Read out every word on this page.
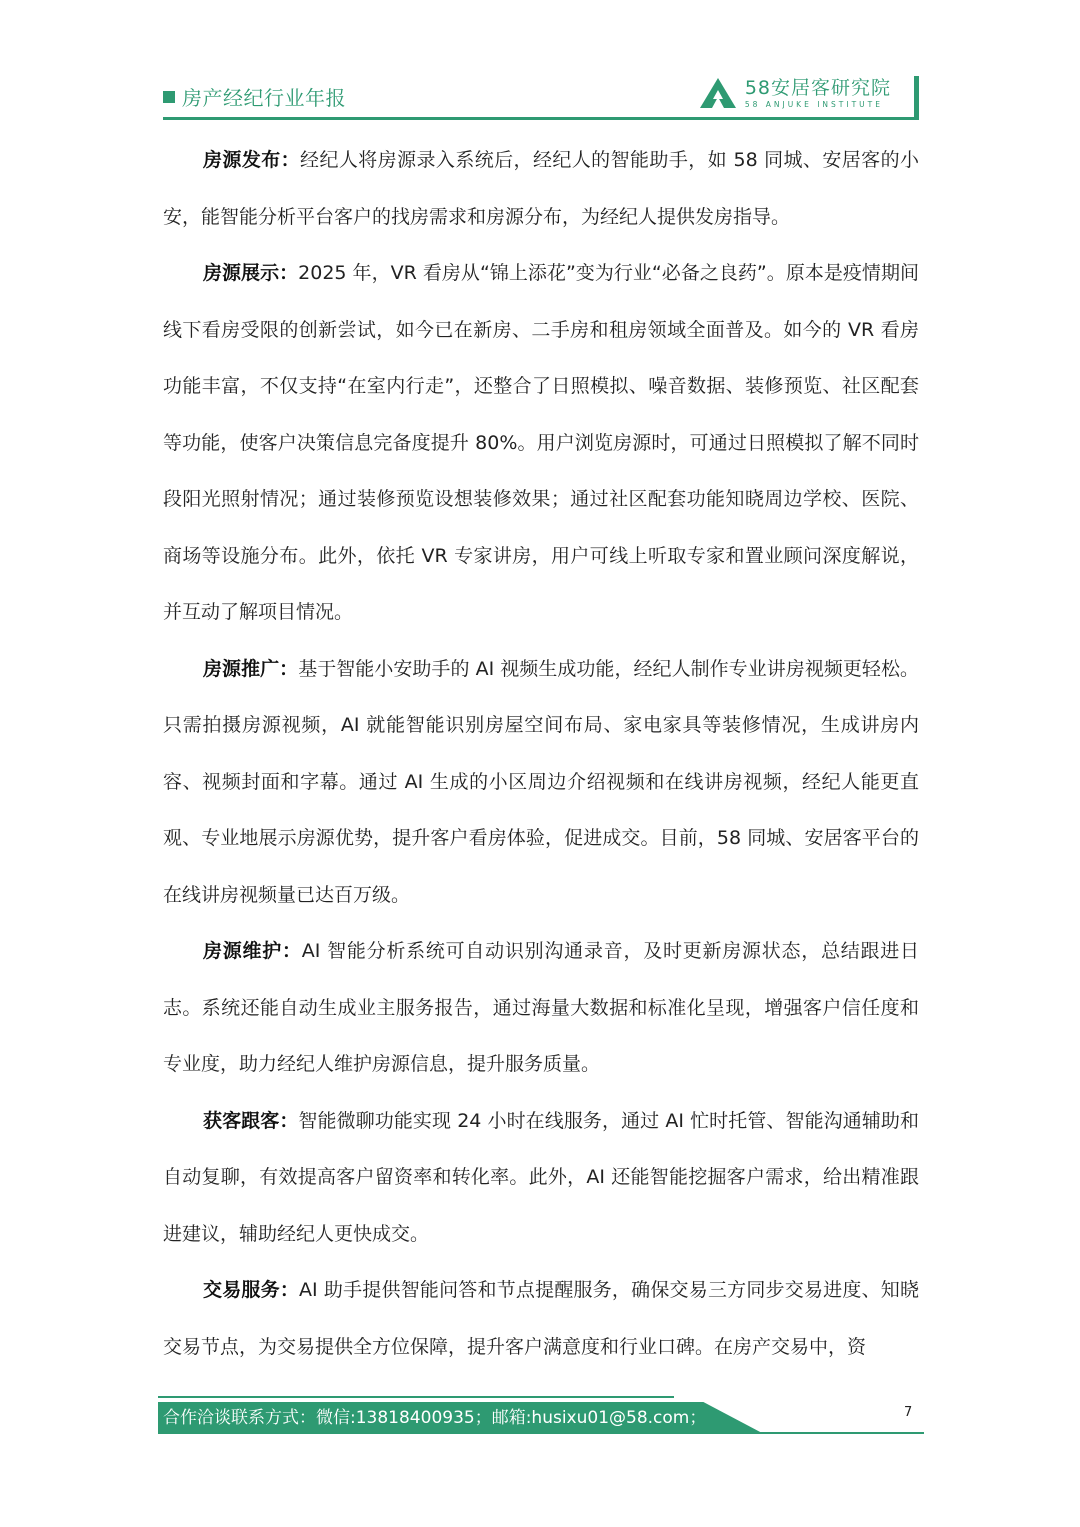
房产经纪行业年报	58安居客研究院
58 ANJUKE INSTITUTE

房源发布：经纪人将房源录入系统后，经纪人的智能助手，如 58 同城、安居客的小安，能智能分析平台客户的找房需求和房源分布，为经纪人提供发房指导。

房源展示：2025 年，VR 看房从“锦上添花”变为行业“必备之良药”。原本是疫情期间线下看房受限的创新尝试，如今已在新房、二手房和租房领域全面普及。如今的 VR 看房功能丰富，不仅支持“在室内行走”，还整合了日照模拟、噪音数据、装修预览、社区配套等功能，使客户决策信息完备度提升 80%。用户浏览房源时，可通过日照模拟了解不同时段阳光照射情况；通过装修预览设想装修效果；通过社区配套功能知晓周边学校、医院、商场等设施分布。此外，依托 VR 专家讲房，用户可线上听取专家和置业顾问深度解说，并互动了解项目情况。

房源推广：基于智能小安助手的 AI 视频生成功能，经纪人制作专业讲房视频更轻松。只需拍摄房源视频，AI 就能智能识别房屋空间布局、家电家具等装修情况，生成讲房内容、视频封面和字幕。通过 AI 生成的小区周边介绍视频和在线讲房视频，经纪人能更直观、专业地展示房源优势，提升客户看房体验，促进成交。目前，58 同城、安居客平台的在线讲房视频量已达百万级。

房源维护：AI 智能分析系统可自动识别沟通录音，及时更新房源状态，总结跟进日志。系统还能自动生成业主服务报告，通过海量大数据和标准化呈现，增强客户信任度和专业度，助力经纪人维护房源信息，提升服务质量。

获客跟客：智能微聊功能实现 24 小时在线服务，通过 AI 忙时托管、智能沟通辅助和自动复聊，有效提高客户留资率和转化率。此外，AI 还能智能挖掘客户需求，给出精准跟进建议，辅助经纪人更快成交。

交易服务：AI 助手提供智能问答和节点提醒服务，确保交易三方同步交易进度、知晓交易节点，为交易提供全方位保障，提升客户满意度和行业口碑。在房产交易中，资

合作洽谈联系方式：微信:13818400935；邮箱:husixu01@58.com；	7
